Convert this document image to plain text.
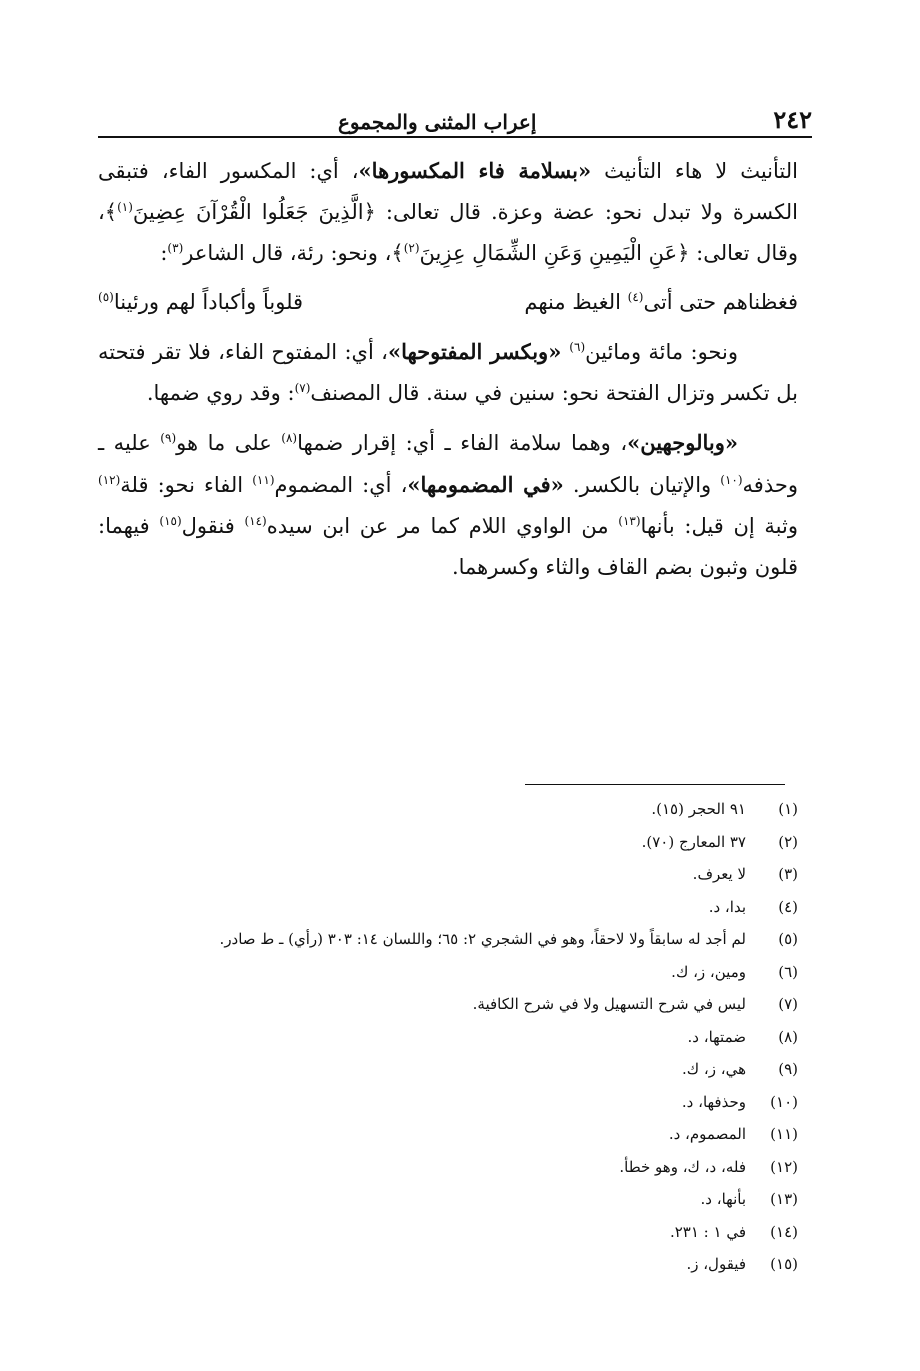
٢٤٢
إعراب المثنى والمجموع

التأنيث لا هاء التأنيث «بسلامة فاء المكسورها»، أي: المكسور الفاء، فتبقى الكسرة ولا تبدل نحو: عضة وعزة. قال تعالى: ﴿الَّذِينَ جَعَلُوا الْقُرْآنَ عِضِينَ$^{(١)}$﴾، وقال تعالى: ﴿عَنِ الْيَمِينِ وَعَنِ الشِّمَالِ عِزِينَ$^{(٢)}$﴾، ونحو: رئة، قال الشاعر$^{(٣)}$:

فغظناهم حتى أتى$^{(٤)}$ الغيظ منهم
قلوباً وأكباداً لهم ورئينا$^{(٥)}$

ونحو: مائة ومائين$^{(٦)}$ «وبكسر المفتوحها»، أي: المفتوح الفاء، فلا تقر فتحته بل تكسر وتزال الفتحة نحو: سنين في سنة. قال المصنف$^{(٧)}$: وقد روي ضمها.

«وبالوجهين»، وهما سلامة الفاء ـ أي: إقرار ضمها$^{(٨)}$ على ما هو$^{(٩)}$ عليه ـ وحذفه$^{(١٠)}$ والإتيان بالكسر. «في المضمومها»، أي: المضموم$^{(١١)}$ الفاء نحو: قلة$^{(١٢)}$ وثبة إن قيل: بأنها$^{(١٣)}$ من الواوي اللام كما مر عن ابن سيده$^{(١٤)}$ فنقول$^{(١٥)}$ فيهما: قلون وثبون بضم القاف والثاء وكسرهما.

(١)
٩١ الحجر (١٥).
(٢)
٣٧ المعارج (٧٠).
(٣)
لا يعرف.
(٤)
بدا، د.
(٥)
لم أجد له سابقاً ولا لاحقاً، وهو في الشجري ٢: ٦٥؛ واللسان ١٤: ٣٠٣ (رأي) ـ ط صادر.
(٦)
ومين، ز، ك.
(٧)
ليس في شرح التسهيل ولا في شرح الكافية.
(٨)
ضمتها، د.
(٩)
هي، ز، ك.
(١٠)
وحذفها، د.
(١١)
المصموم، د.
(١٢)
فله، د، ك، وهو خطأ.
(١٣)
بأنها، د.
(١٤)
في ١ : ٢٣١.
(١٥)
فيقول، ز.
